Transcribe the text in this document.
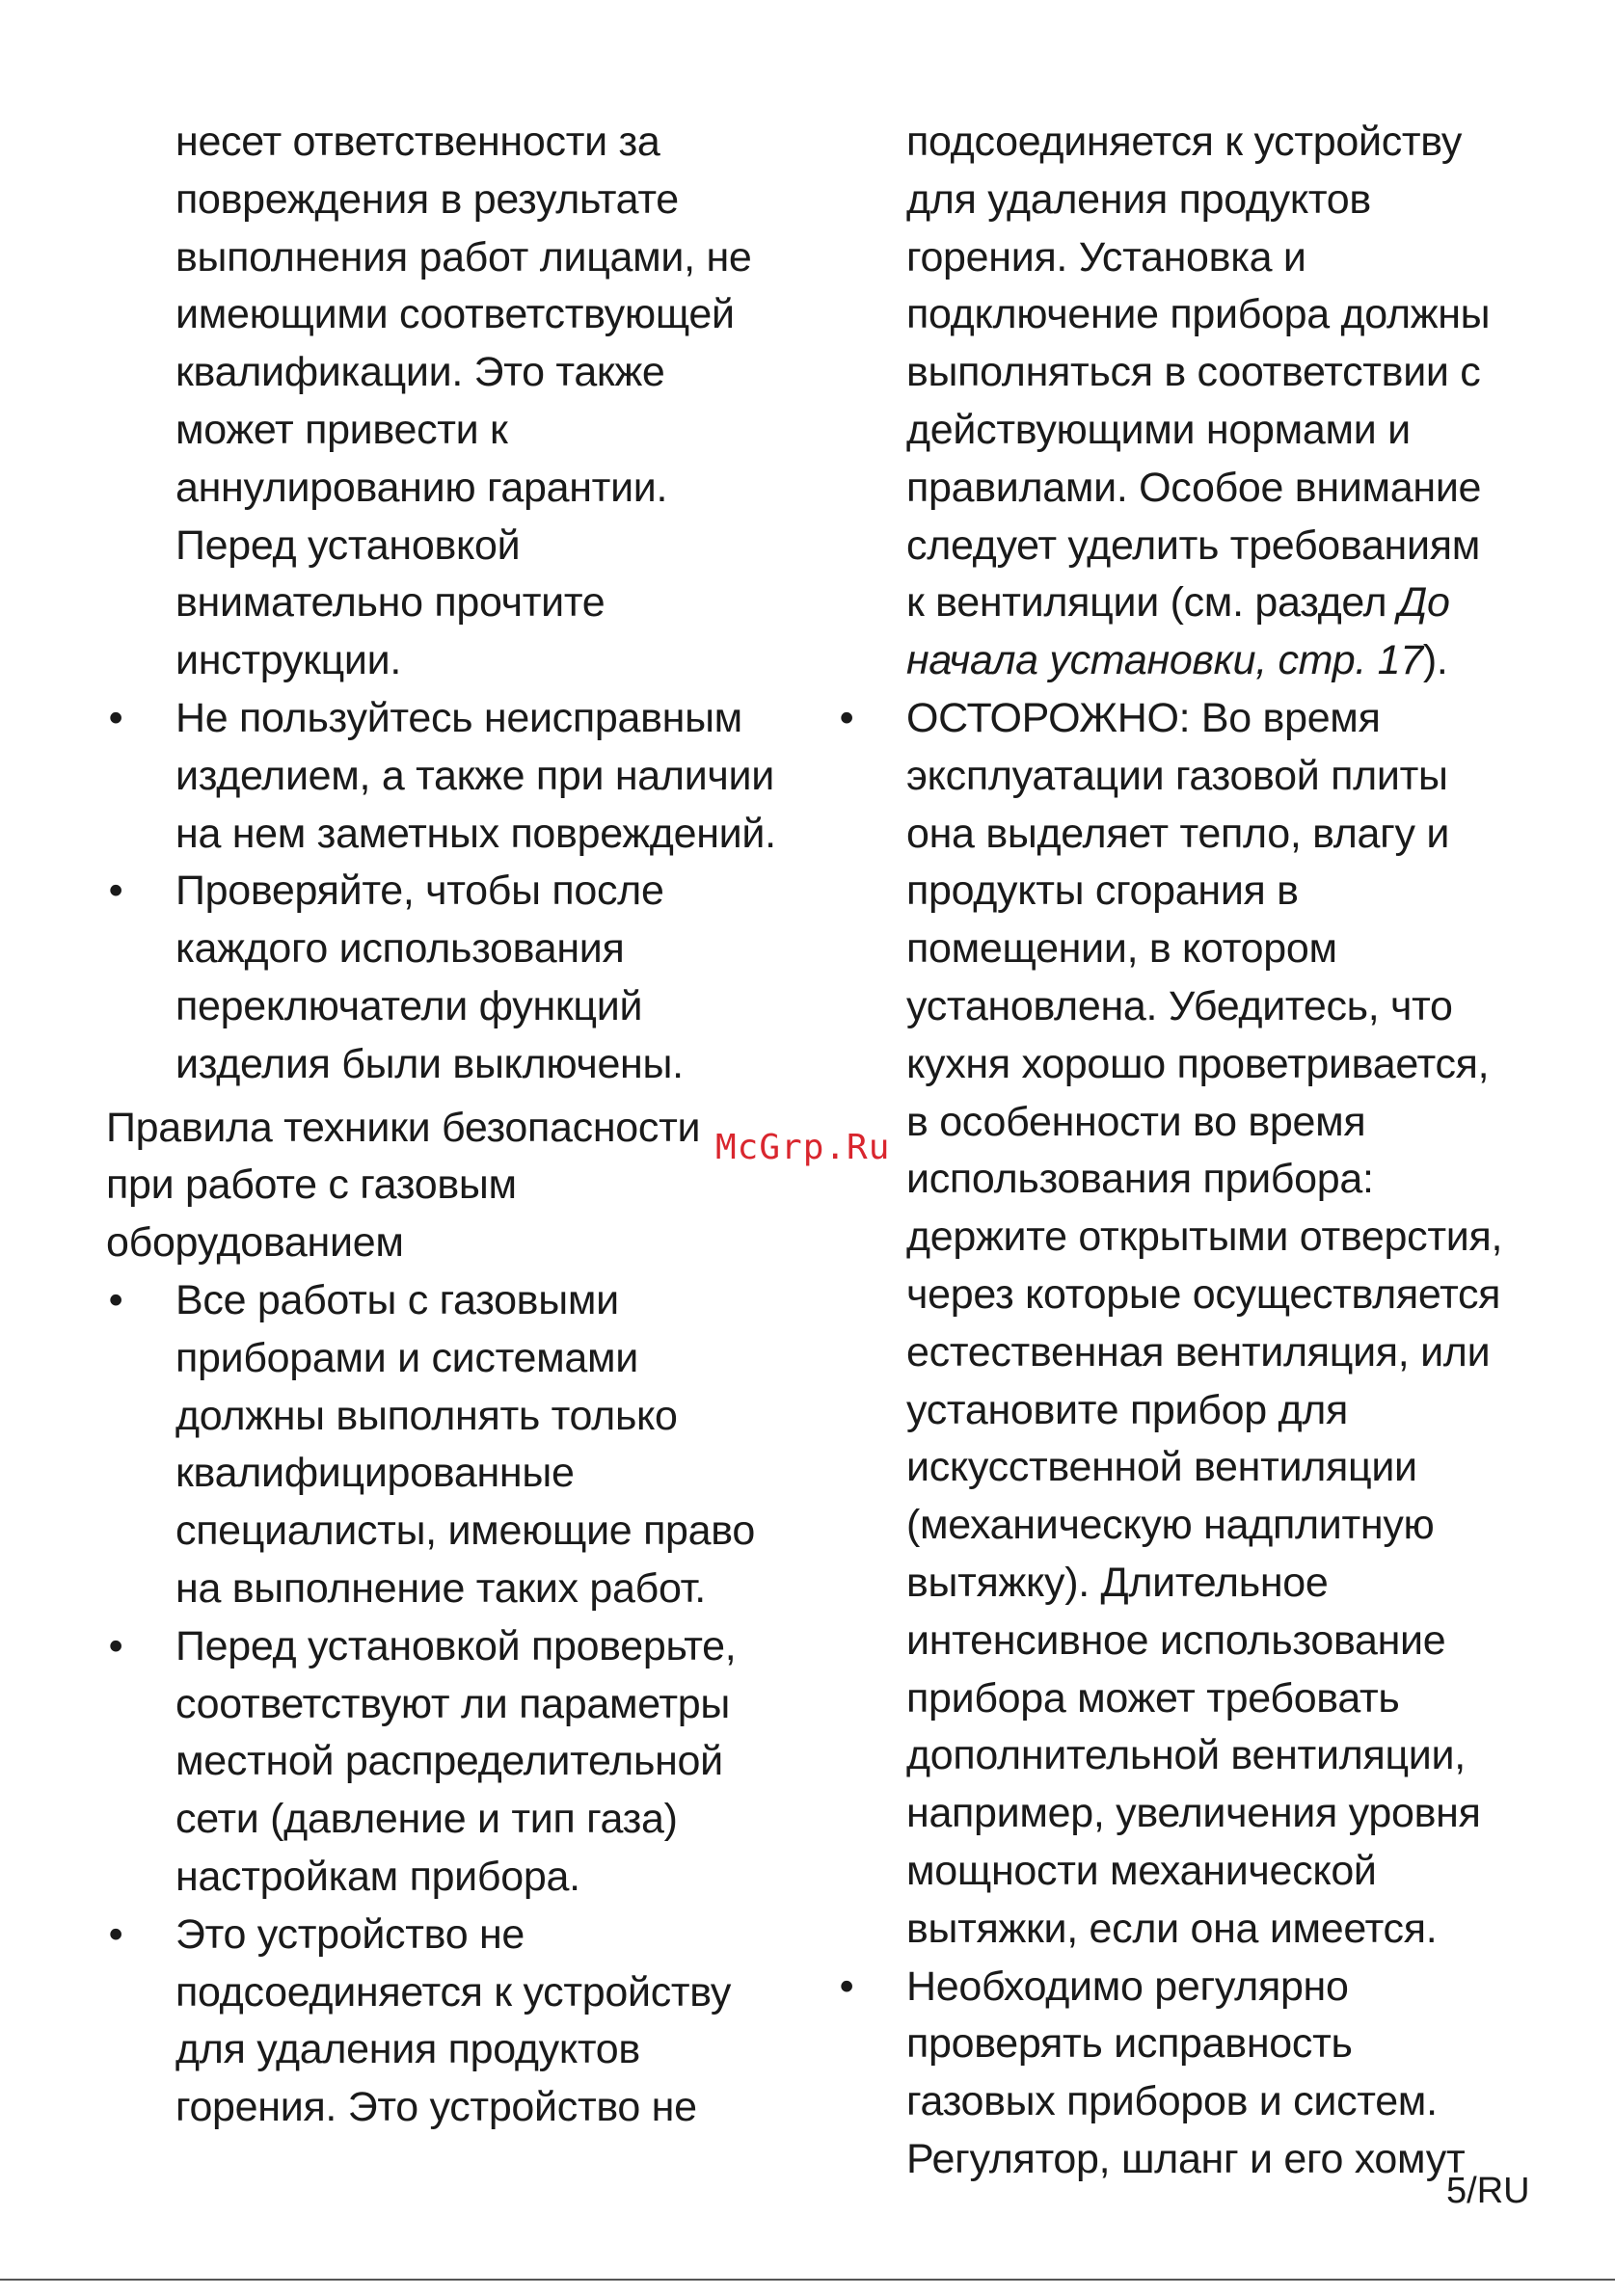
несет ответственности за
повреждения в результате
выполнения работ лицами, не
имеющими соответствующей
квалификации. Это также
может привести к
аннулированию гарантии.
Перед установкой
внимательно прочтите
инструкции.
• Не пользуйтесь неисправным
изделием, а также при наличии
на нем заметных повреждений.
• Проверяйте, чтобы после
каждого использования
переключатели функций
изделия были выключены.
Правила техники безопасности
при работе с газовым
оборудованием
• Все работы с газовыми
приборами и системами
должны выполнять только
квалифицированные
специалисты, имеющие право
на выполнение таких работ.
• Перед установкой проверьте,
соответствуют ли параметры
местной распределительной
сети (давление и тип газа)
настройкам прибора.
• Это устройство не
подсоединяется к устройству
для удаления продуктов
горения. Это устройство не
подсоединяется к устройству
для удаления продуктов
горения. Установка и
подключение прибора должны
выполняться в соответствии с
действующими нормами и
правилами. Особое внимание
следует уделить требованиям
к вентиляции (см. раздел До
начала установки, стр. 17).
• ОСТОРОЖНО: Во время
эксплуатации газовой плиты
она выделяет тепло, влагу и
продукты сгорания в
помещении, в котором
установлена. Убедитесь, что
кухня хорошо проветривается,
в особенности во время
использования прибора:
держите открытыми отверстия,
через которые осуществляется
естественная вентиляция, или
установите прибор для
искусственной вентиляции
(механическую надплитную
вытяжку). Длительное
интенсивное использование
прибора может требовать
дополнительной вентиляции,
например, увеличения уровня
мощности механической
вытяжки, если она имеется.
• Необходимо регулярно
проверять исправность
газовых приборов и систем.
Регулятор, шланг и его хомут
McGrp.Ru
5/RU
